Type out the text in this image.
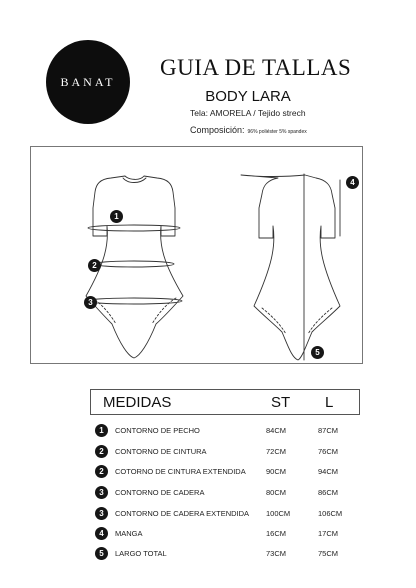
BANAT
GUIA DE TALLAS
BODY LARA
Tela: AMORELA / Tejido strech
Composición: 96% poliéster 5% spandex
1
2
3
4
5
MEDIDAS	ST L
1	CONTORNO DE PECHO	84CM	87CM
2	CONTORNO DE CINTURA	72CM	76CM
2	COTORNO DE CINTURA EXTENDIDA	90CM	94CM
3	CONTORNO DE CADERA	80CM	86CM
3	CONTORNO DE CADERA EXTENDIDA 100CM	106CM
4	MANGA	16CM	17CM
5	LARGO TOTAL	73CM	75CM
